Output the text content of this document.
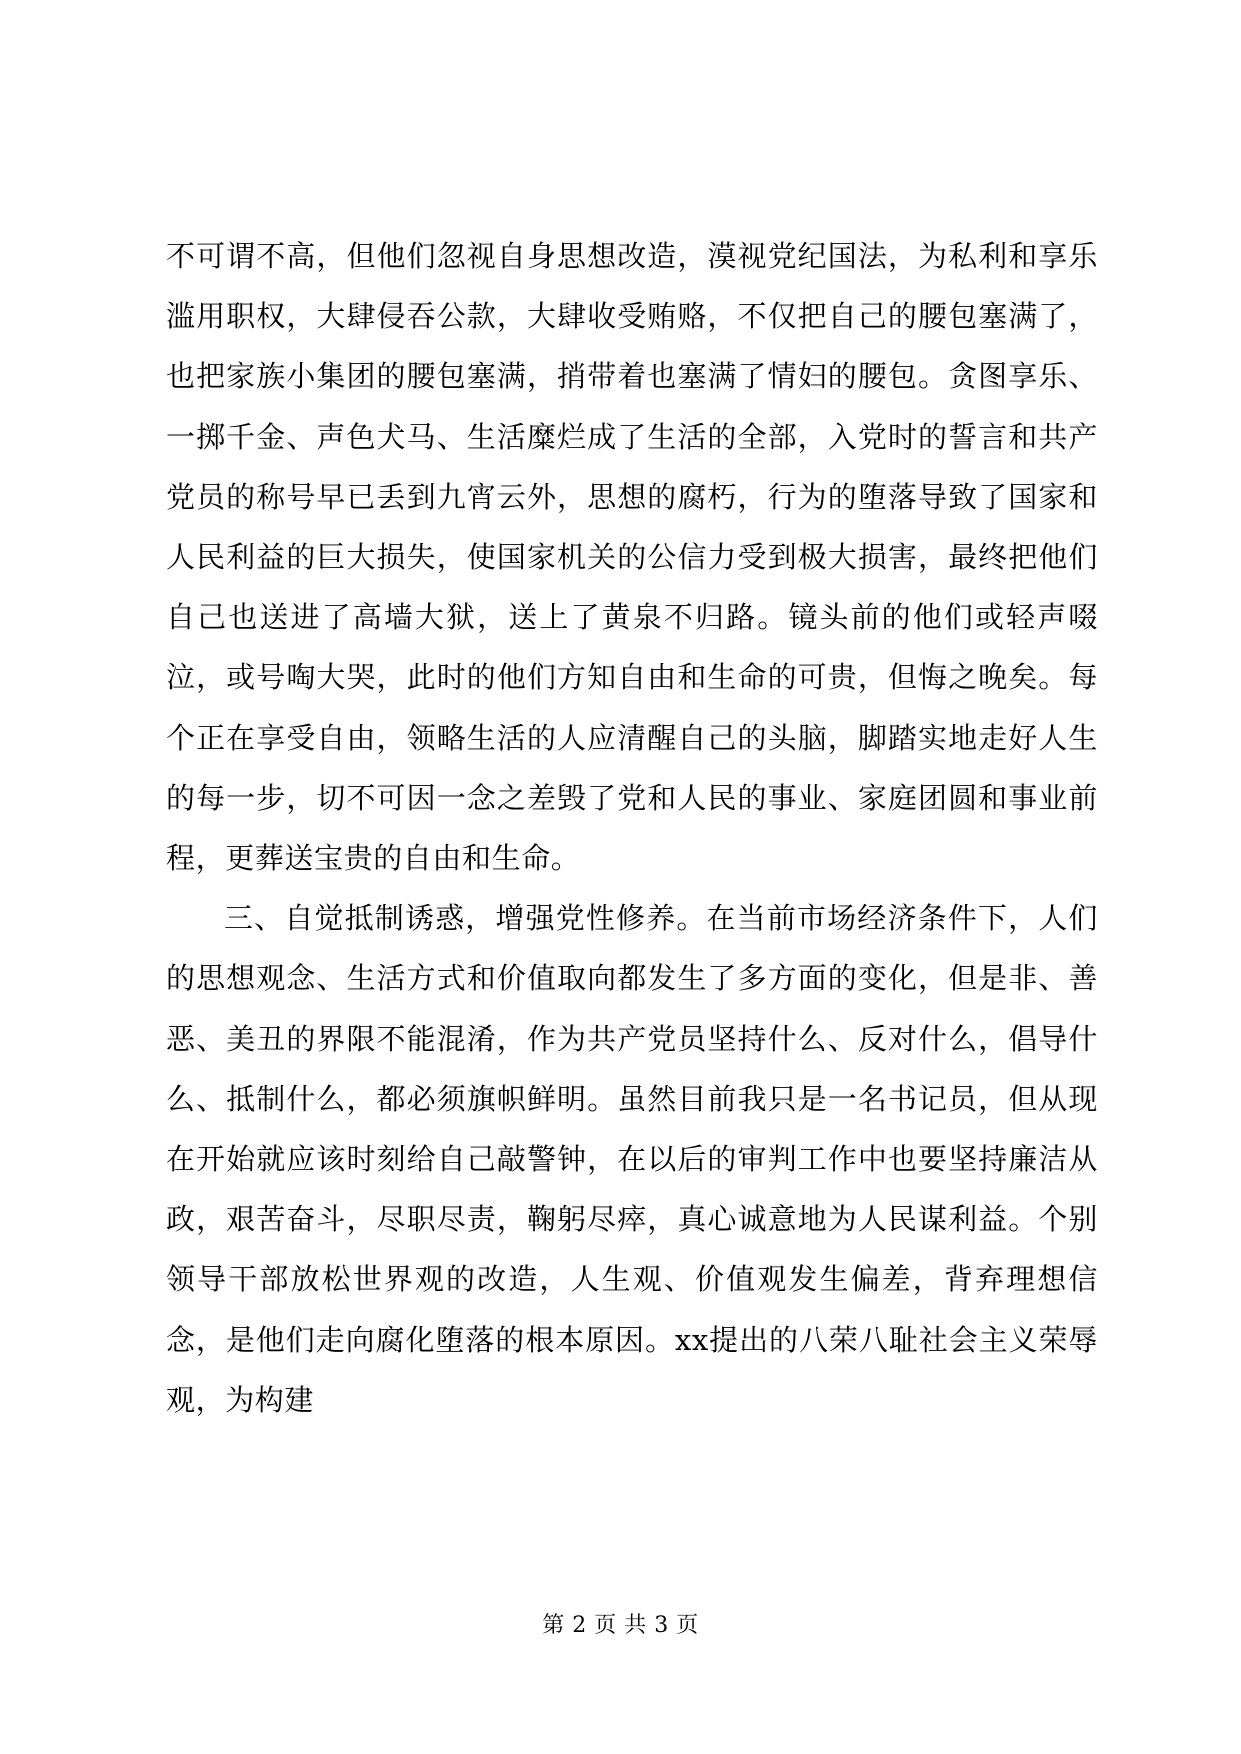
不可谓不高，但他们忽视自身思想改造，漠视党纪国法，为私利和享乐滥用职权，大肆侵吞公款，大肆收受贿赂，不仅把自己的腰包塞满了，也把家族小集团的腰包塞满，捎带着也塞满了情妇的腰包。贪图享乐、一掷千金、声色犬马、生活糜烂成了生活的全部，入党时的誓言和共产党员的称号早已丢到九宵云外，思想的腐朽，行为的堕落导致了国家和人民利益的巨大损失，使国家机关的公信力受到极大损害，最终把他们自己也送进了高墙大狱，送上了黄泉不归路。镜头前的他们或轻声啜泣，或号啕大哭，此时的他们方知自由和生命的可贵，但悔之晚矣。每个正在享受自由，领略生活的人应清醒自己的头脑，脚踏实地走好人生的每一步，切不可因一念之差毁了党和人民的事业、家庭团圆和事业前程，更葬送宝贵的自由和生命。

三、自觉抵制诱惑，增强党性修养。在当前市场经济条件下，人们的思想观念、生活方式和价值取向都发生了多方面的变化，但是非、善恶、美丑的界限不能混淆，作为共产党员坚持什么、反对什么，倡导什么、抵制什么，都必须旗帜鲜明。虽然目前我只是一名书记员，但从现在开始就应该时刻给自己敲警钟，在以后的审判工作中也要坚持廉洁从政，艰苦奋斗，尽职尽责，鞠躬尽瘁，真心诚意地为人民谋利益。个别领导干部放松世界观的改造，人生观、价值观发生偏差，背弃理想信念，是他们走向腐化堕落的根本原因。xx提出的八荣八耻社会主义荣辱观，为构建

第 2 页 共 3 页
